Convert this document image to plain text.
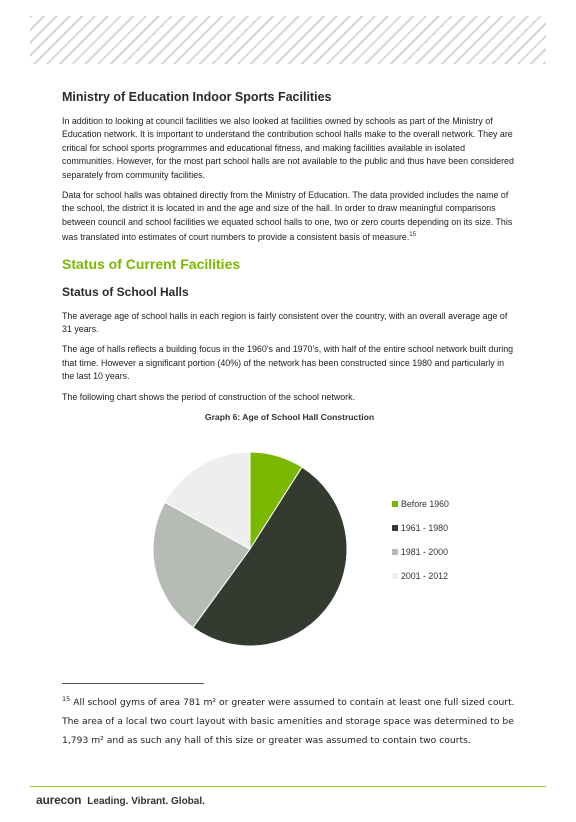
Ministry of Education Indoor Sports Facilities

In addition to looking at council facilities we also looked at facilities owned by schools as part of the Ministry of Education network. It is important to understand the contribution school halls make to the overall network. They are critical for school sports programmes and educational fitness, and making facilities available in isolated communities. However, for the most part school halls are not available to the public and thus have been considered separately from community facilities.

Data for school halls was obtained directly from the Ministry of Education. The data provided includes the name of the school, the district it is located in and the age and size of the hall. In order to draw meaningful comparisons between council and school facilities we equated school halls to one, two or zero courts depending on its size. This was translated into estimates of court numbers to provide a consistent basis of measure.$^{15}$

Status of Current Facilities
Status of School Halls

The average age of school halls in each region is fairly consistent over the country, with an overall average age of 31 years.

The age of halls reflects a building focus in the 1960’s and 1970’s, with half of the entire school network built during that time. However a significant portion (40%) of the network has been constructed since 1980 and particularly in the last 10 years.

The following chart shows the period of construction of the school network.

Graph 6: Age of School Hall Construction
Before 1960
1961 - 1980
1981 - 2000
2001 - 2012
$^{15}$ All school gyms of area 781 m² or greater were assumed to contain at least one full sized court. The area of a local two court layout with basic amenities and storage space was determined to be 1,793 m² and as such any hall of this size or greater was assumed to contain two courts.
aurecon Leading. Vibrant. Global.
